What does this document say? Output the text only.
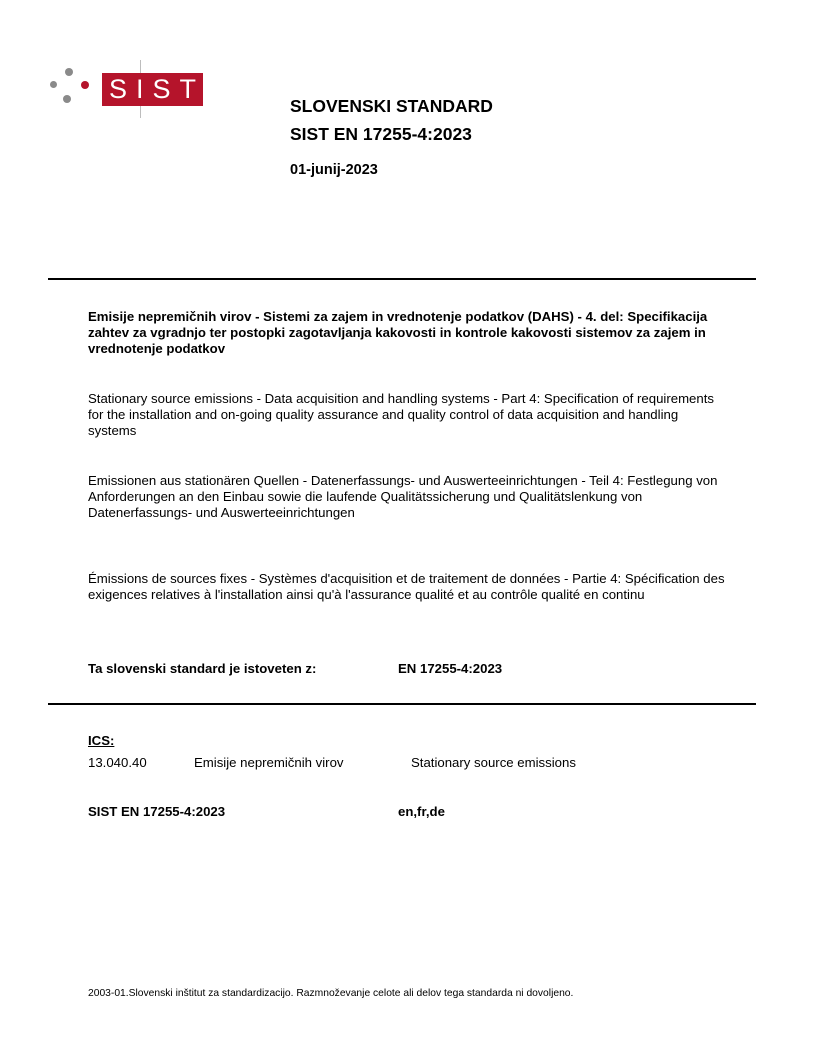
SIST
SLOVENSKI STANDARD
SIST EN 17255-4:2023
01-junij-2023
Emisije nepremičnih virov - Sistemi za zajem in vrednotenje podatkov (DAHS) - 4. del: Specifikacija zahtev za vgradnjo ter postopki zagotavljanja kakovosti in kontrole kakovosti sistemov za zajem in vrednotenje podatkov
Stationary source emissions - Data acquisition and handling systems - Part 4: Specification of requirements for the installation and on-going quality assurance and quality control of data acquisition and handling systems
Emissionen aus stationären Quellen - Datenerfassungs- und Auswerteeinrichtungen - Teil 4: Festlegung von Anforderungen an den Einbau sowie die laufende Qualitätssicherung und Qualitätslenkung von Datenerfassungs- und Auswerteeinrichtungen
Émissions de sources fixes - Systèmes d'acquisition et de traitement de données - Partie 4: Spécification des exigences relatives à l'installation ainsi qu'à l'assurance qualité et au contrôle qualité en continu
Ta slovenski standard je istoveten z:	EN 17255-4:2023
ICS:
13.040.40	Emisije nepremičnih virov	Stationary source emissions
SIST EN 17255-4:2023	en,fr,de
2003-01.Slovenski inštitut za standardizacijo. Razmnoževanje celote ali delov tega standarda ni dovoljeno.
